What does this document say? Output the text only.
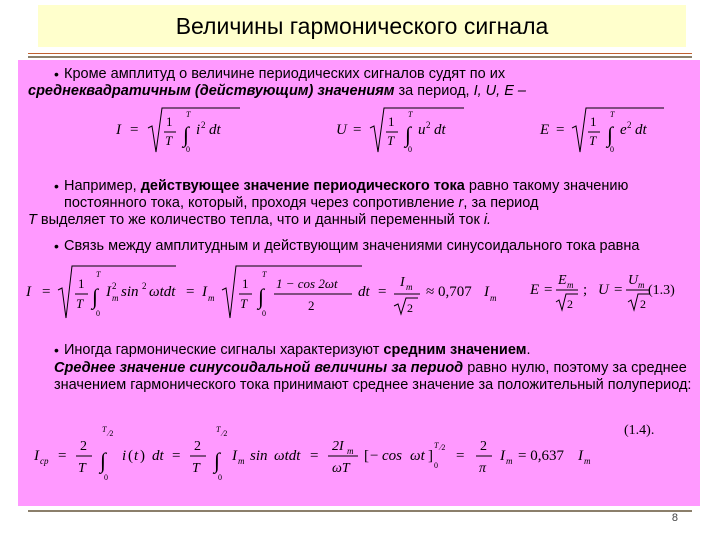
Величины гармонического сигнала
• Кроме амплитуд о величине периодических сигналов судят по их
среднеквадратичным (действующим) значениям за период, I, U, E –
I =
1
T ∫
T
0
i 2 dt	U =
1
T ∫
T
0
u 2 dt	E =
1
T ∫
T
0
e 2 dt
• Например, действующее значение периодического тока равно такому значению постоянного тока, который, проходя через сопротивление r, за период
T выделяет то же количество тепла, что и данный переменный ток i.
• Связь между амплитудным и действующим значениями синусоидального тока равна
I =
1
T ∫
T
0
I m
2 sin 2 ωtdt = I m
1
T ∫
T
0
1 − cos 2ωt
2
dt =
I m
2
≈ 0,707 I m E =
E m
2
; U =
U m
2
(1.3)
• Иногда гармонические сигналы характеризуют средним значением.
Среднее значение синусоидальной величины за период равно нулю, поэтому за среднее значением гармонического тока принимают среднее значение за положительный полупериод:
I ср =
2
T ∫
T ⁄2
0
i ( t ) dt =
2
T ∫
T ⁄2
0
I m sin ωtdt =
2I m
ωT
[ − cos ωt ]
T ⁄2
0
=
2
π
I m = 0,637 I m
(1.4).
8
